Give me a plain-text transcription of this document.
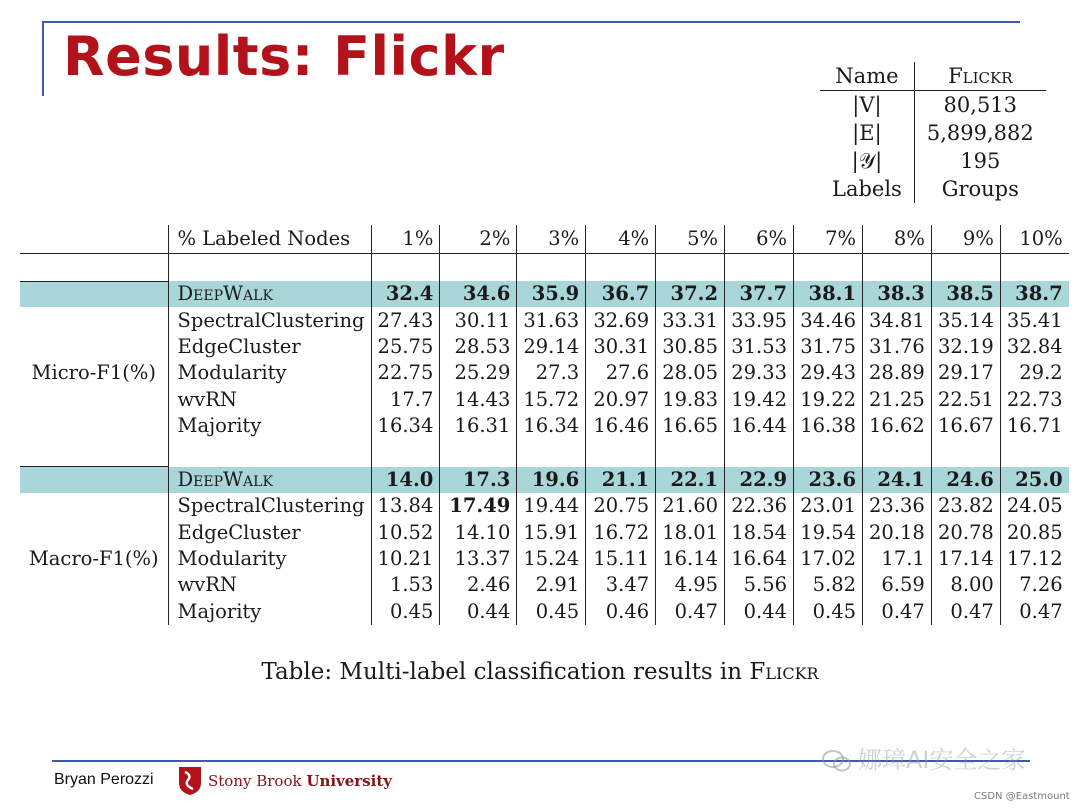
Results: Flickr	Name	Flickr
|V|	80,513
|E|	5,899,882
|𝒴|	195
Labels	Groups
	% Labeled Nodes	1%	2%	3%	4%	5%	6%	7%	8%	9%	10%

	DeepWalk	32.4	34.6	35.9	36.7	37.2	37.7	38.1	38.3	38.5	38.7
	SpectralClustering	27.43	30.11	31.63	32.69	33.31	33.95	34.46	34.81	35.14	35.41
	EdgeCluster	25.75	28.53	29.14	30.31	30.85	31.53	31.75	31.76	32.19	32.84
Micro-F1(%)	Modularity	22.75	25.29	27.3	27.6	28.05	29.33	29.43	28.89	29.17	29.2
	wvRN	17.7	14.43	15.72	20.97	19.83	19.42	19.22	21.25	22.51	22.73
	Majority	16.34	16.31	16.34	16.46	16.65	16.44	16.38	16.62	16.67	16.71

	DeepWalk	14.0	17.3	19.6	21.1	22.1	22.9	23.6	24.1	24.6	25.0
	SpectralClustering	13.84	17.49	19.44	20.75	21.60	22.36	23.01	23.36	23.82	24.05
	EdgeCluster	10.52	14.10	15.91	16.72	18.01	18.54	19.54	20.18	20.78	20.85
Macro-F1(%)	Modularity	10.21	13.37	15.24	15.11	16.14	16.64	17.02	17.1	17.14	17.12
	wvRN	1.53	2.46	2.91	3.47	4.95	5.56	5.82	6.59	8.00	7.26
	Majority	0.45	0.44	0.45	0.46	0.47	0.44	0.45	0.47	0.47	0.47
Table: Multi-label classification results in Flickr
Bryan Perozzi	Stony Brook University
娜璋AI安全之家
CSDN @Eastmount
